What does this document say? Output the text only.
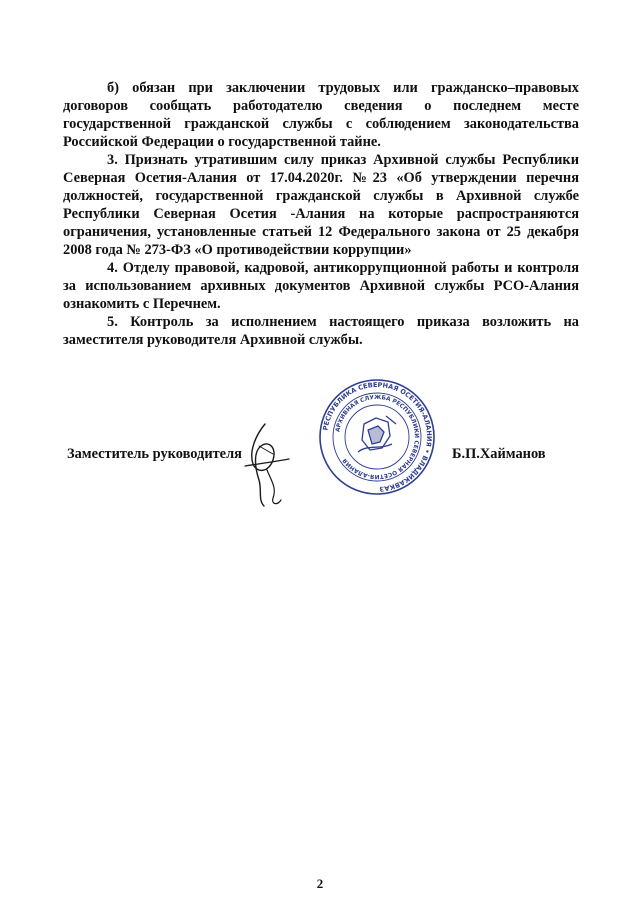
б) обязан при заключении трудовых или гражданско–правовых договоров сообщать работодателю сведения о последнем месте государственной гражданской службы с соблюдением законодательства Российской Федерации о государственной тайне.

3. Признать утратившим силу приказ Архивной службы Республики Северная Осетия-Алания от 17.04.2020г. №23 «Об утверждении перечня должностей, государственной гражданской службы в Архивной службе Республики Северная Осетия -Алания на которые распространяются ограничения, установленные статьей 12 Федерального закона от 25 декабря 2008 года № 273-ФЗ «О противодействии коррупции»

4. Отделу правовой, кадровой, антикоррупционной работы и контроля за использованием архивных документов Архивной службы РСО-Алания ознакомить с Перечнем.

5. Контроль за исполнением настоящего приказа возложить на заместителя руководителя Архивной службы.

Заместитель руководителя	Б.П.Хайманов
РЕСПУБЛИКА СЕВЕРНАЯ ОСЕТИЯ-АЛАНИЯ • ВЛАДИКАВКАЗ
АРХИВНАЯ СЛУЖБА РЕСПУБЛИКИ СЕВЕРНАЯ ОСЕТИЯ-АЛАНИЯ
2
